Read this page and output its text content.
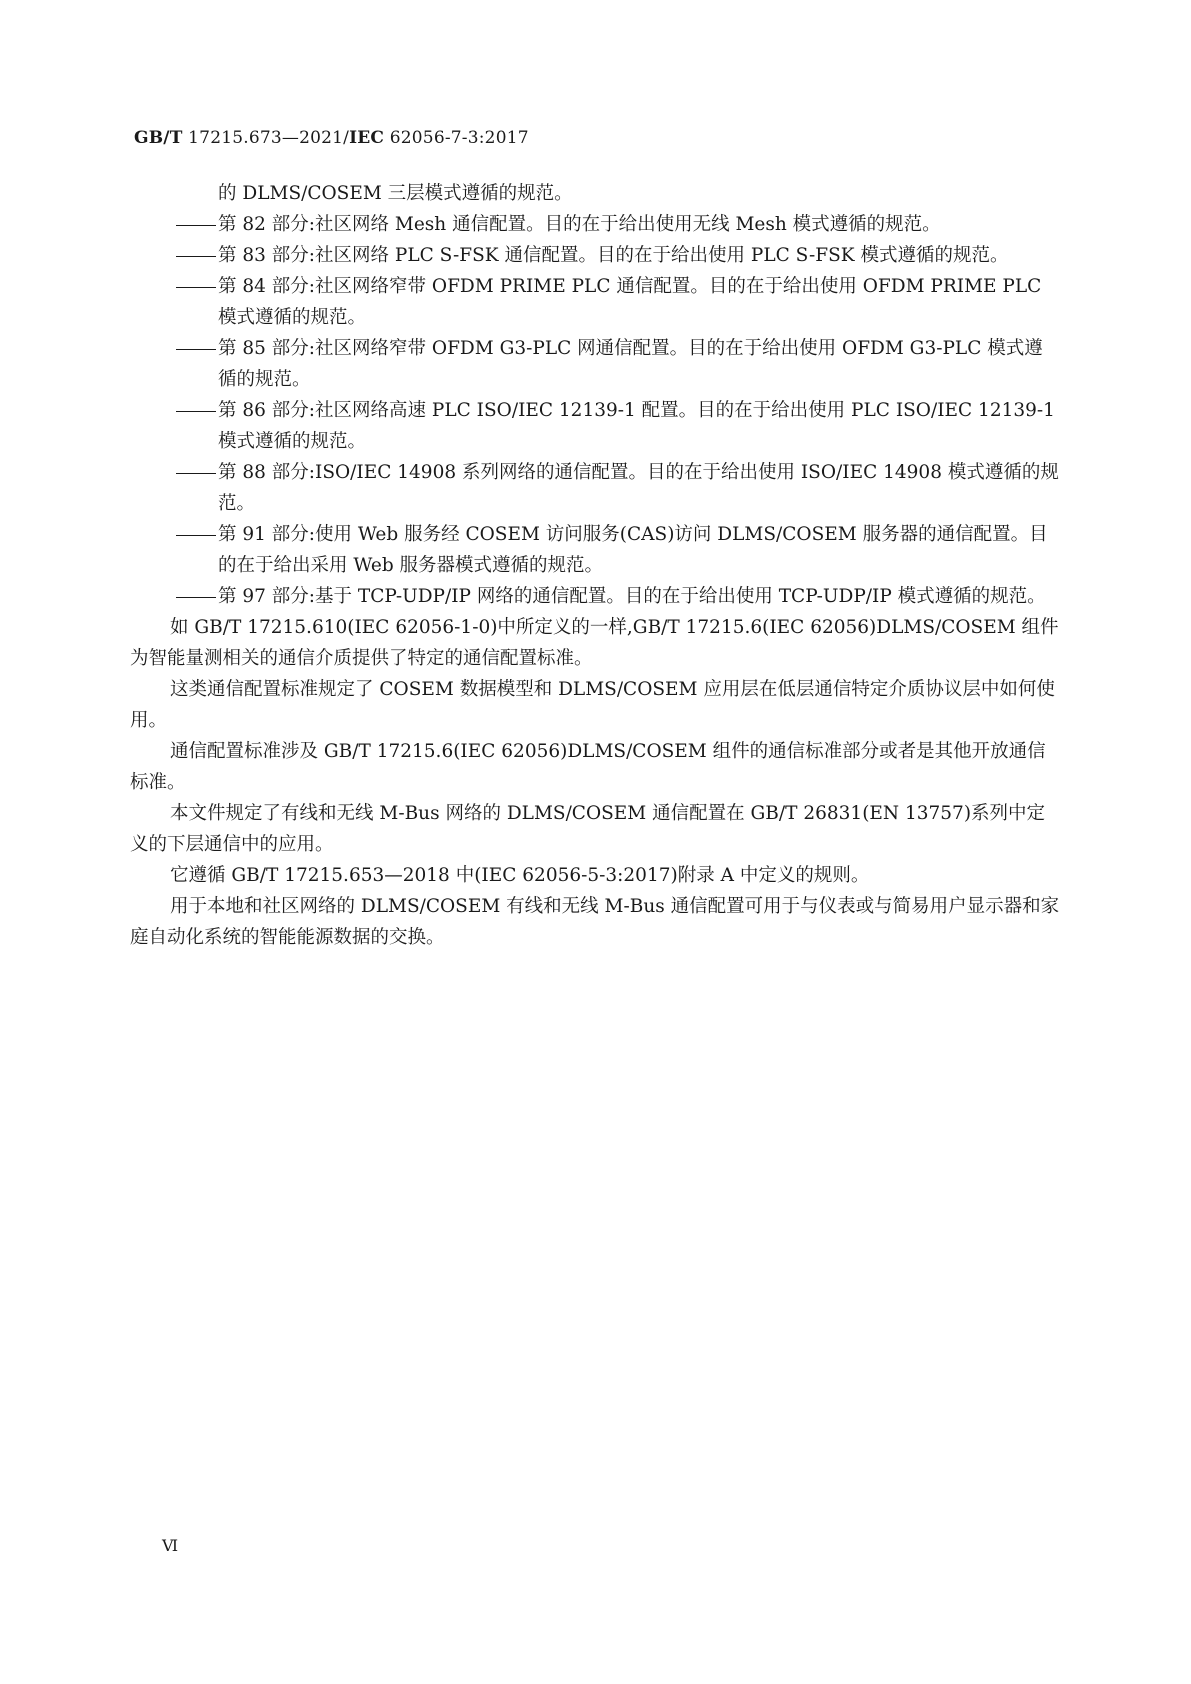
GB/T 17215.673—2021/IEC 62056-7-3:2017
的 DLMS/COSEM 三层模式遵循的规范。
第 82 部分:社区网络 Mesh 通信配置。目的在于给出使用无线 Mesh 模式遵循的规范。
第 83 部分:社区网络 PLC S-FSK 通信配置。目的在于给出使用 PLC S-FSK 模式遵循的规范。
第 84 部分:社区网络窄带 OFDM PRIME PLC 通信配置。目的在于给出使用 OFDM PRIME PLC 模式遵循的规范。
第 85 部分:社区网络窄带 OFDM G3-PLC 网通信配置。目的在于给出使用 OFDM G3-PLC 模式遵循的规范。
第 86 部分:社区网络高速 PLC ISO/IEC 12139-1 配置。目的在于给出使用 PLC ISO/IEC 12139-1 模式遵循的规范。
第 88 部分:ISO/IEC 14908 系列网络的通信配置。目的在于给出使用 ISO/IEC 14908 模式遵循的规范。
第 91 部分:使用 Web 服务经 COSEM 访问服务(CAS)访问 DLMS/COSEM 服务器的通信配置。目的在于给出采用 Web 服务器模式遵循的规范。
第 97 部分:基于 TCP-UDP/IP 网络的通信配置。目的在于给出使用 TCP-UDP/IP 模式遵循的规范。
如 GB/T 17215.610(IEC 62056-1-0)中所定义的一样,GB/T 17215.6(IEC 62056)DLMS/COSEM 组件为智能量测相关的通信介质提供了特定的通信配置标准。
这类通信配置标准规定了 COSEM 数据模型和 DLMS/COSEM 应用层在低层通信特定介质协议层中如何使用。
通信配置标准涉及 GB/T 17215.6(IEC 62056)DLMS/COSEM 组件的通信标准部分或者是其他开放通信标准。
本文件规定了有线和无线 M-Bus 网络的 DLMS/COSEM 通信配置在 GB/T 26831(EN 13757)系列中定义的下层通信中的应用。
它遵循 GB/T 17215.653—2018 中(IEC 62056-5-3:2017)附录 A 中定义的规则。
用于本地和社区网络的 DLMS/COSEM 有线和无线 M-Bus 通信配置可用于与仪表或与简易用户显示器和家庭自动化系统的智能能源数据的交换。
Ⅵ
